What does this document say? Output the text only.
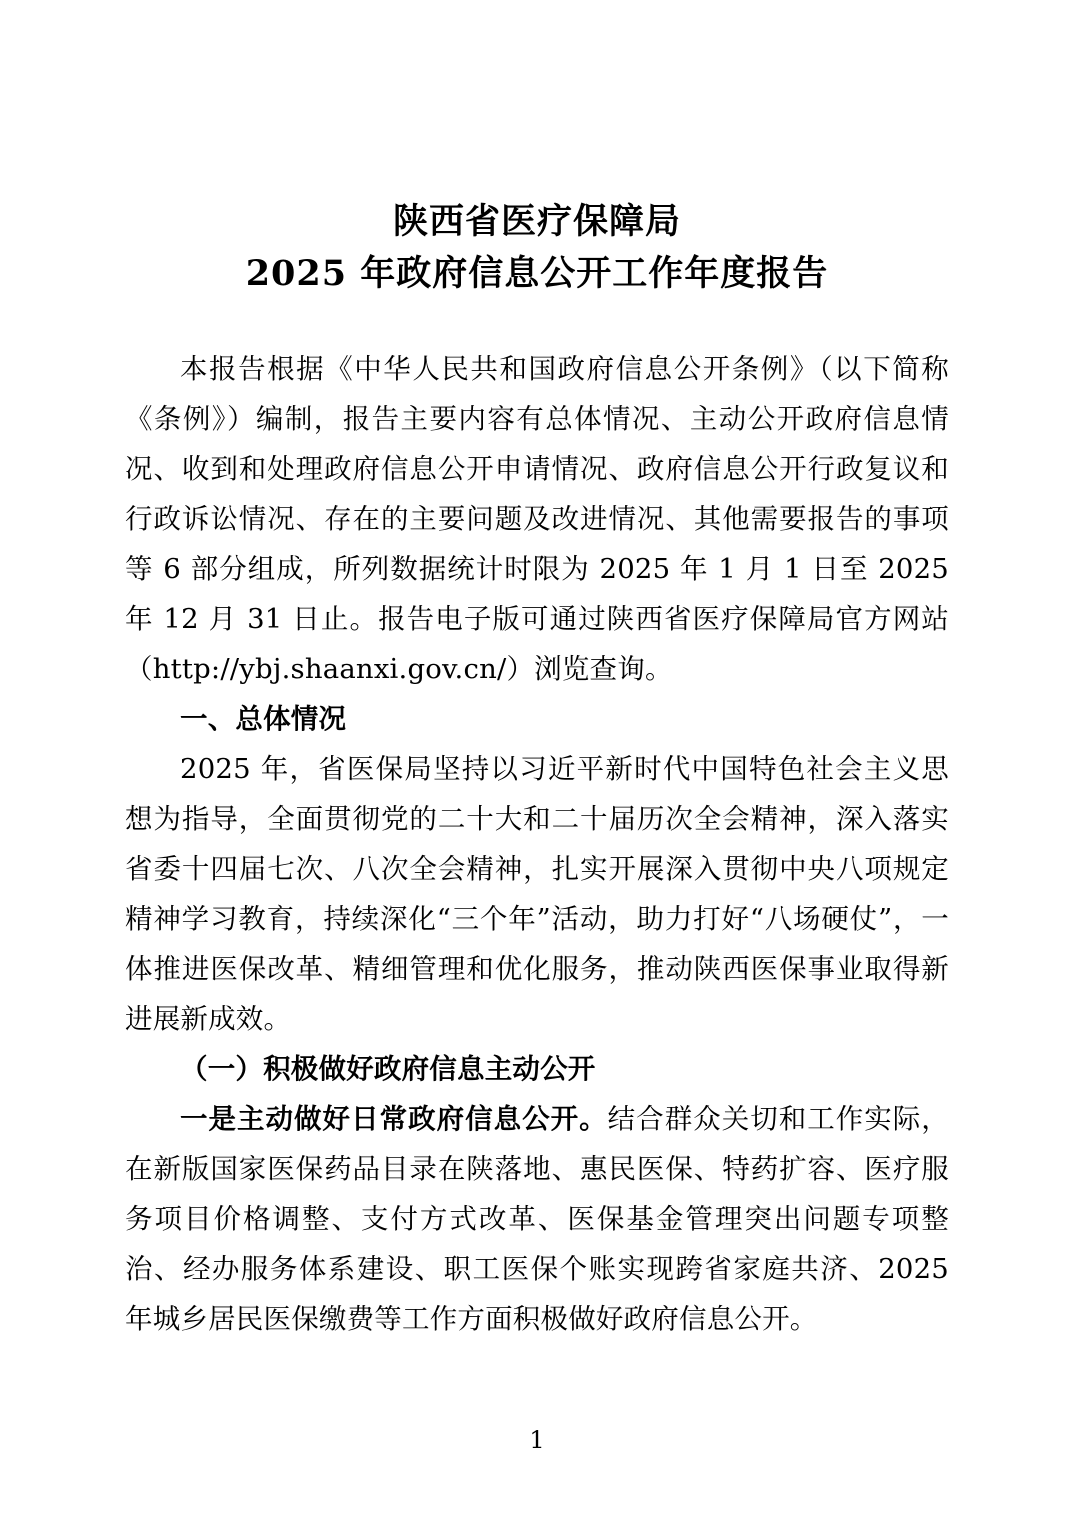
陕西省医疗保障局
2025 年政府信息公开工作年度报告

本报告根据《中华人民共和国政府信息公开条例》（以下简称《条例》）编制，报告主要内容有总体情况、主动公开政府信息情况、收到和处理政府信息公开申请情况、政府信息公开行政复议和行政诉讼情况、存在的主要问题及改进情况、其他需要报告的事项等 6 部分组成，所列数据统计时限为 2025 年 1 月 1 日至 2025 年 12 月 31 日止。报告电子版可通过陕西省医疗保障局官方网站（http://ybj.shaanxi.gov.cn/）浏览查询。

一、总体情况

2025 年，省医保局坚持以习近平新时代中国特色社会主义思想为指导，全面贯彻党的二十大和二十届历次全会精神，深入落实省委十四届七次、八次全会精神，扎实开展深入贯彻中央八项规定精神学习教育，持续深化“三个年”活动，助力打好“八场硬仗”，一体推进医保改革、精细管理和优化服务，推动陕西医保事业取得新进展新成效。

（一）积极做好政府信息主动公开

一是主动做好日常政府信息公开。结合群众关切和工作实际，在新版国家医保药品目录在陕落地、惠民医保、特药扩容、医疗服务项目价格调整、支付方式改革、医保基金管理突出问题专项整治、经办服务体系建设、职工医保个账实现跨省家庭共济、2025 年城乡居民医保缴费等工作方面积极做好政府信息公开。

1
